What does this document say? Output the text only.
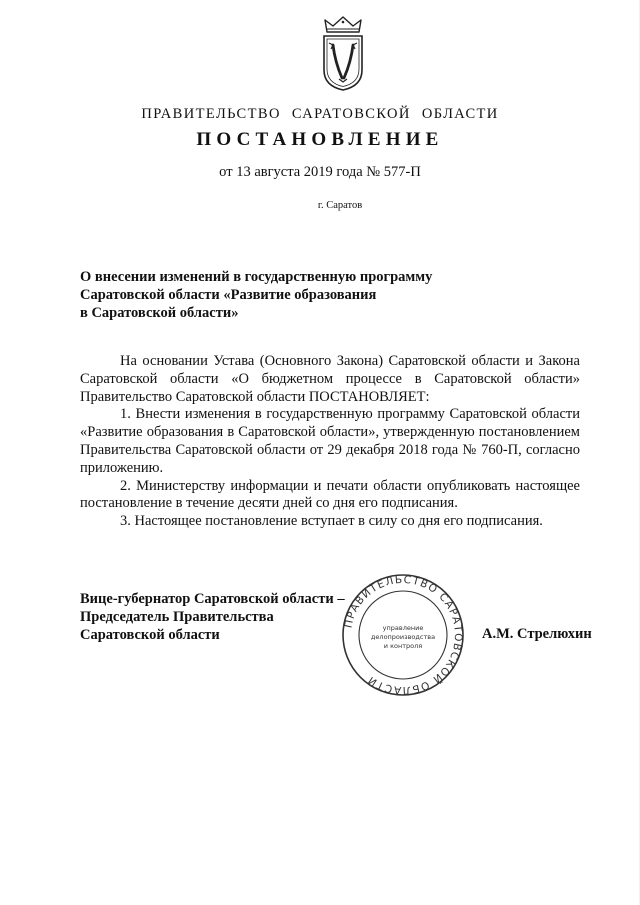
ПРАВИТЕЛЬСТВО САРАТОВСКОЙ ОБЛАСТИ
ПОСТАНОВЛЕНИЕ
от 13 августа 2019 года № 577-П
г. Саратов
О внесении изменений в государственную программу
Саратовской области «Развитие образования
в Саратовской области»

На основании Устава (Основного Закона) Саратовской области и Закона Саратовской области «О бюджетном процессе в Саратовской области» Правительство Саратовской области ПОСТАНОВЛЯЕТ:

1. Внести изменения в государственную программу Саратовской области «Развитие образования в Саратовской области», утвержденную постановлением Правительства Саратовской области от 29 декабря 2018 года № 760-П, согласно приложению.

2. Министерству информации и печати области опубликовать настоящее постановление в течение десяти дней со дня его подписания.

3. Настоящее постановление вступает в силу со дня его подписания.

Вице-губернатор Саратовской области –
Председатель Правительства
Саратовской области
ПРАВИТЕЛЬСТВО САРАТОВСКОЙ ОБЛАСТИ
управление
делопроизводства
и контроля
А.М. Стрелюхин
